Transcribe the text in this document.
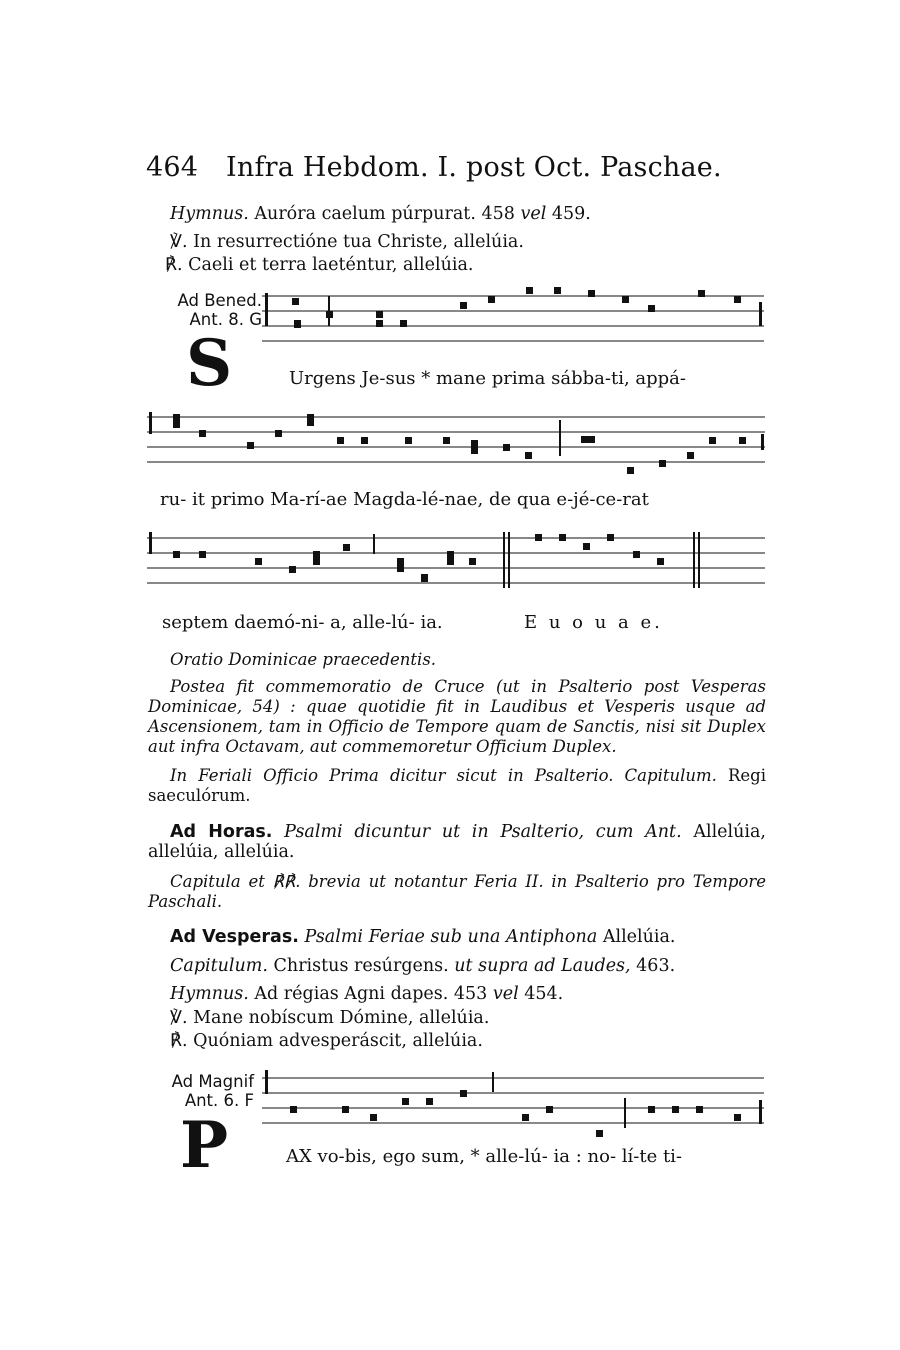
464 Infra Hebdom. I. post Oct. Paschae.
Hymnus. Auróra caelum púrpurat. 458 vel 459.
℣. In resurrectióne tua Christe, allelúia.
℟. Caeli et terra laeténtur, allelúia.
Ad Bened.
Ant. 8. G
S	Urgens Je-sus * mane prima sábba-ti, appá-
ru- it primo Ma-rí-ae Magda-lé-nae, de qua e-jé-ce-rat
septem daemó-ni- a, alle-lú- ia.	E u o u a e.
Oratio Dominicae praecedentis.
Postea fit commemoratio de Cruce (ut in Psalterio post Vesperas Dominicae, 54) : quae quotidie fit in Laudibus et Vesperis usque ad Ascensionem, tam in Officio de Tempore quam de Sanctis, nisi sit Duplex aut infra Octavam, aut commemoretur Officium Duplex.
In Feriali Officio Prima dicitur sicut in Psalterio. Capitulum. Regi saeculórum.
Ad Horas. Psalmi dicuntur ut in Psalterio, cum Ant. Allelúia, allelúia, allelúia.
Capitula et ℟℟. brevia ut notantur Feria II. in Psalterio pro Tempore Paschali.
Ad Vesperas. Psalmi Feriae sub una Antiphona Allelúia.
Capitulum. Christus resúrgens. ut supra ad Laudes, 463.
Hymnus. Ad régias Agni dapes. 453 vel 454.
℣. Mane nobíscum Dómine, allelúia.
℟. Quóniam advesperáscit, allelúia.
Ad Magnif
Ant. 6. F
P	AX vo-bis, ego sum, * alle-lú- ia : no- lí-te ti-
